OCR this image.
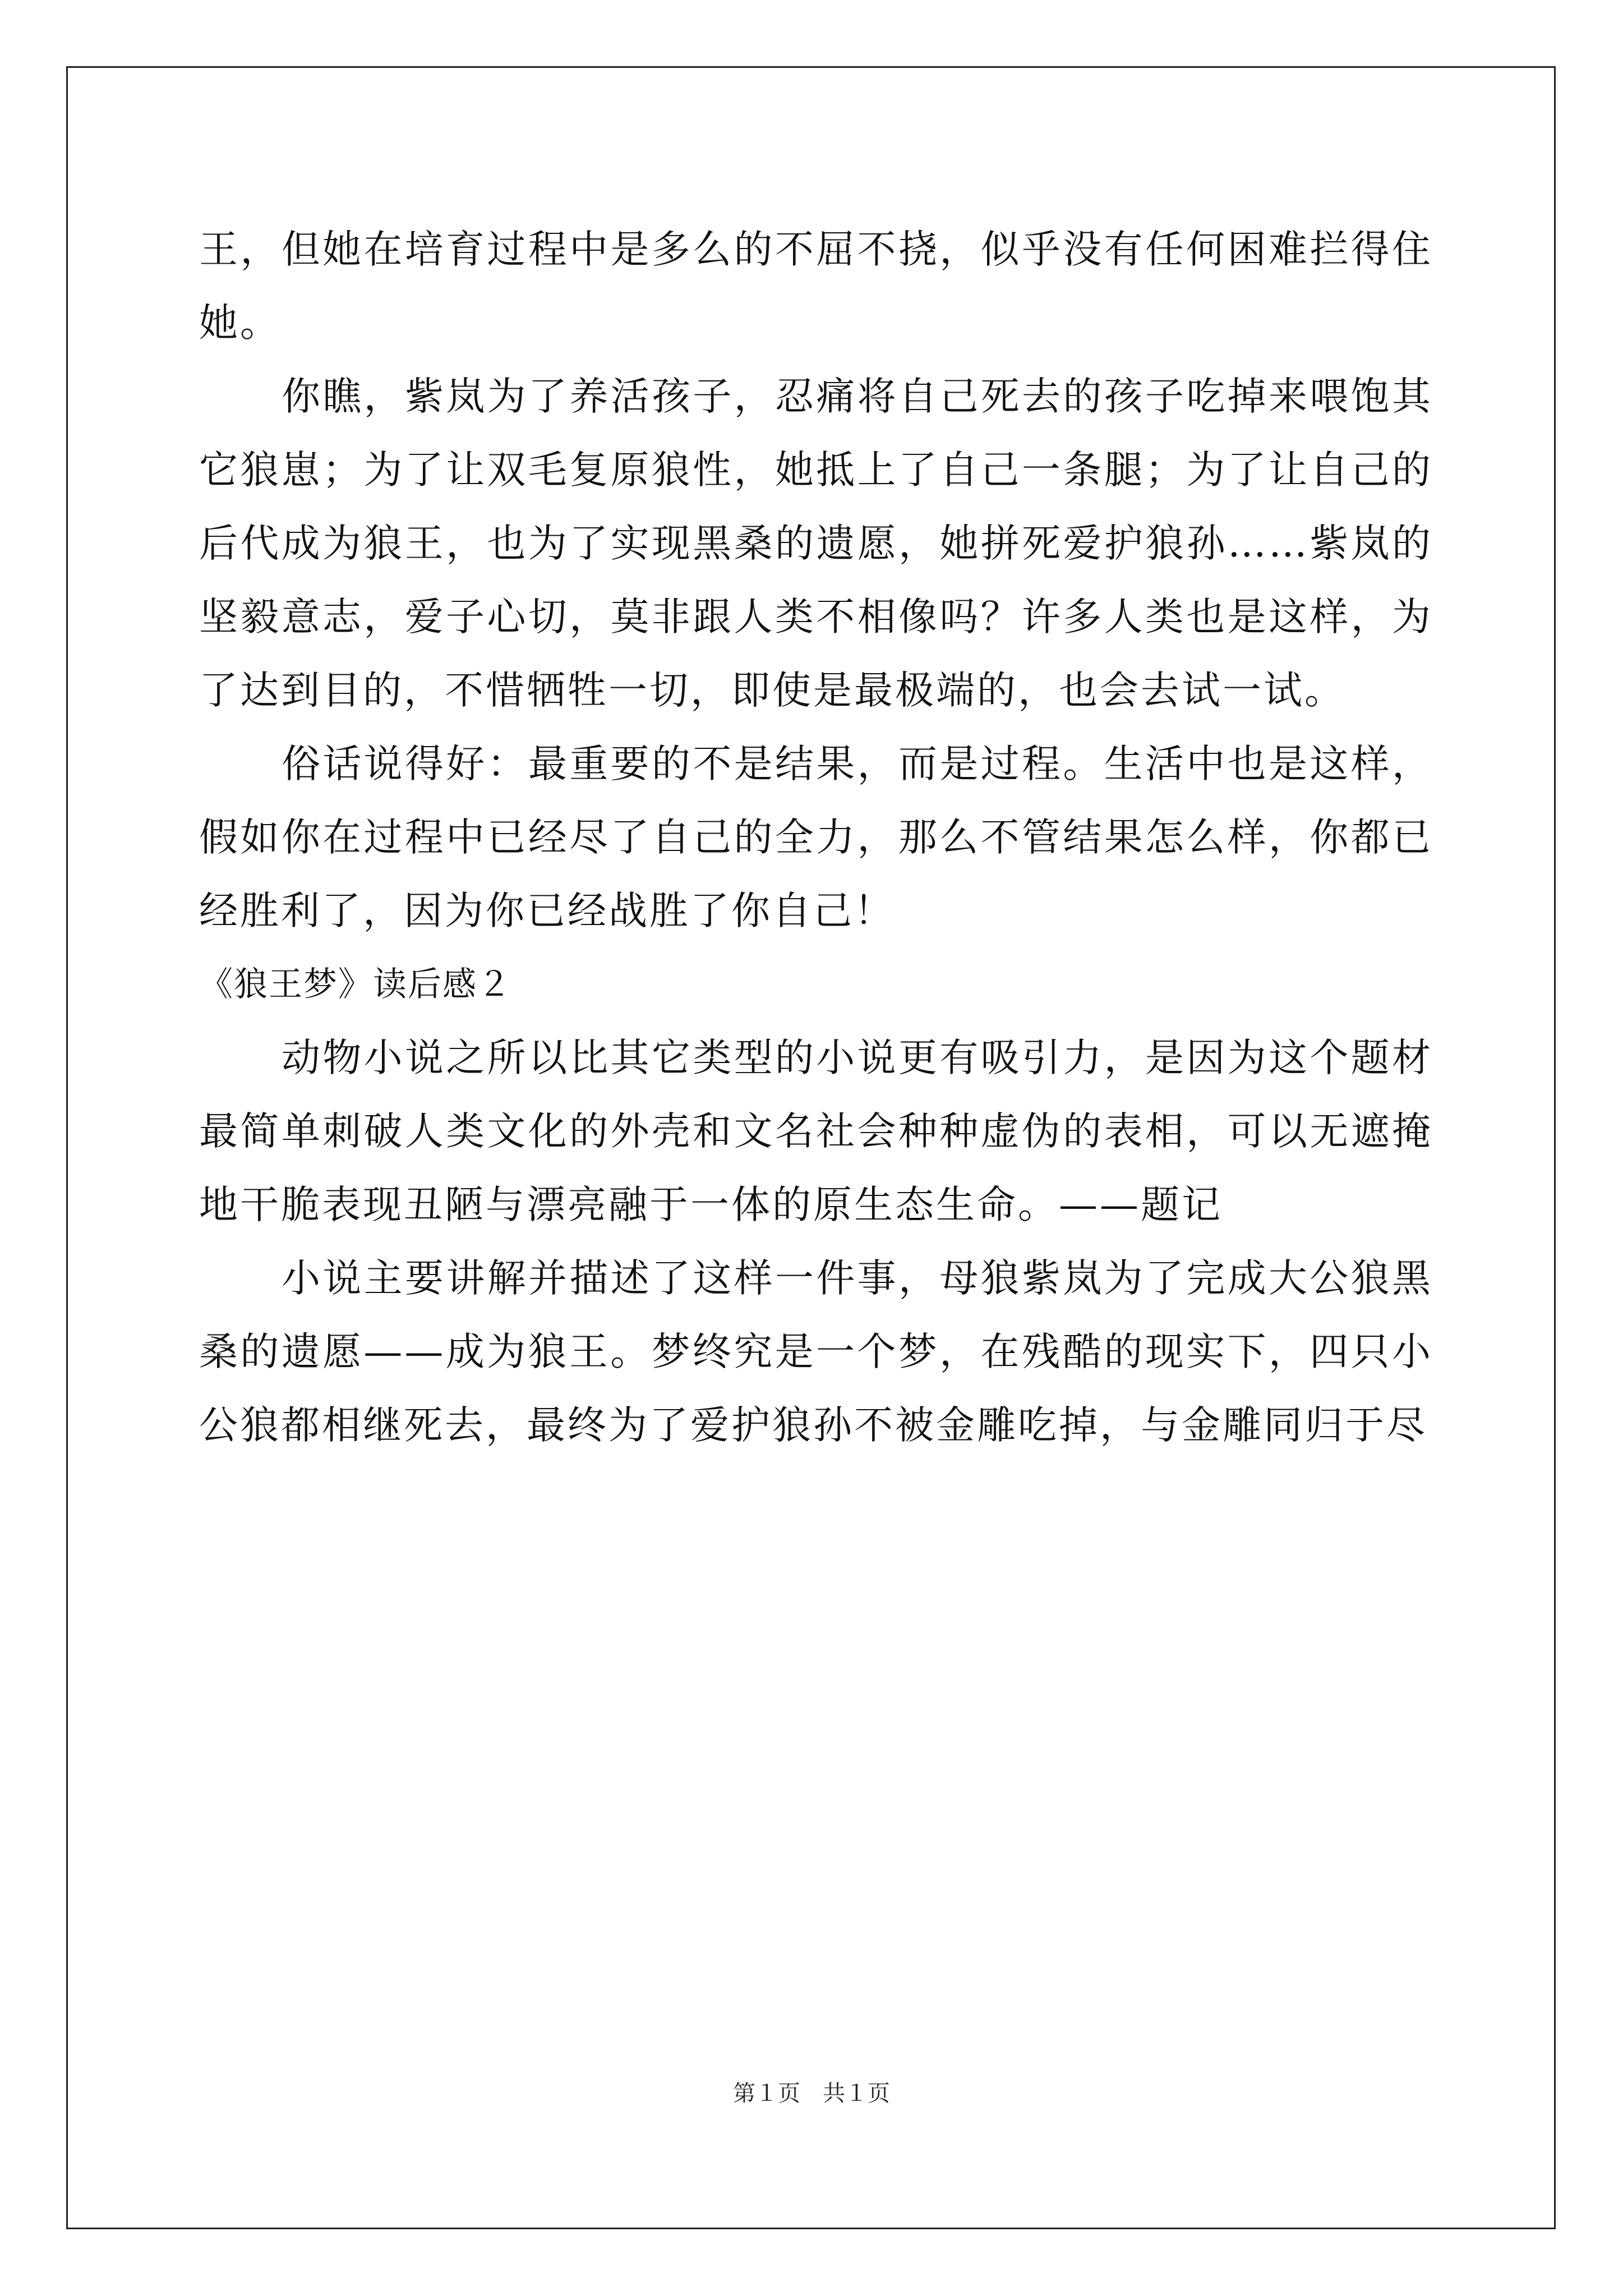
王，但她在培育过程中是多么的不屈不挠，似乎没有任何困难拦得住她。

你瞧，紫岚为了养活孩子，忍痛将自己死去的孩子吃掉来喂饱其它狼崽；为了让双毛复原狼性，她抵上了自己一条腿；为了让自己的后代成为狼王，也为了实现黑桑的遗愿，她拼死爱护狼孙……紫岚的坚毅意志，爱子心切，莫非跟人类不相像吗？许多人类也是这样，为了达到目的，不惜牺牲一切，即使是最极端的，也会去试一试。

俗话说得好：最重要的不是结果，而是过程。生活中也是这样，假如你在过程中已经尽了自己的全力，那么不管结果怎么样，你都已经胜利了，因为你已经战胜了你自己！

《狼王梦》读后感２

动物小说之所以比其它类型的小说更有吸引力，是因为这个题材最简单刺破人类文化的外壳和文名社会种种虚伪的表相，可以无遮掩地干脆表现丑陋与漂亮融于一体的原生态生命。——题记

小说主要讲解并描述了这样一件事，母狼紫岚为了完成大公狼黑桑的遗愿——成为狼王。梦终究是一个梦，在残酷的现实下，四只小公狼都相继死去，最终为了爱护狼孙不被金雕吃掉，与金雕同归于尽

第１页　共１页
